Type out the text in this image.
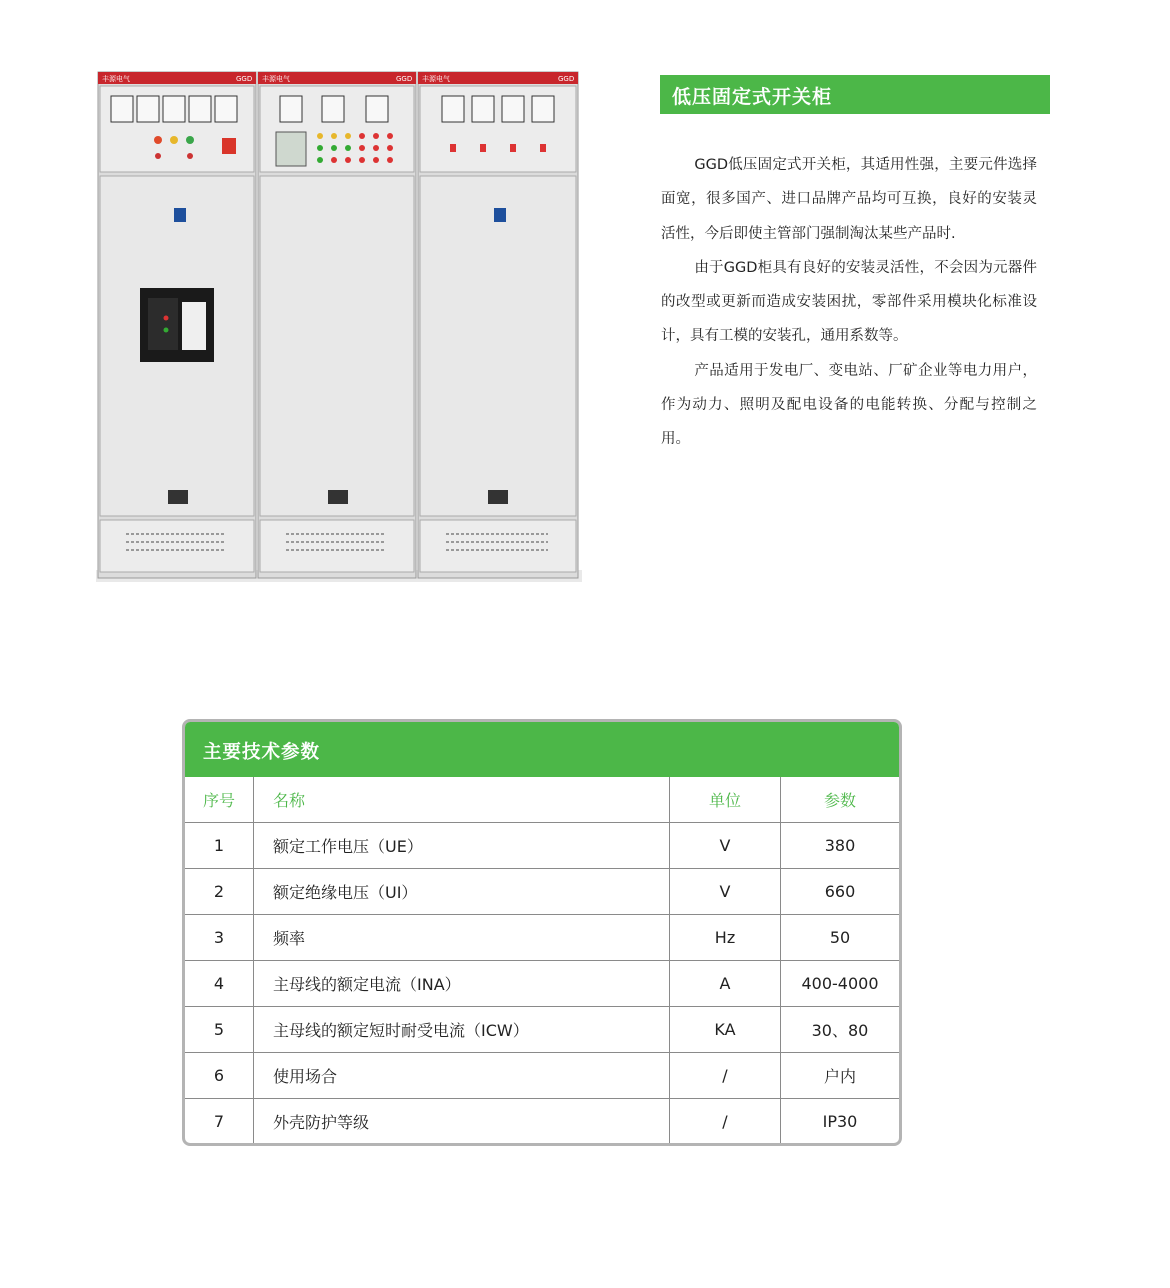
丰源电气	GGD 丰源电气	GGD 丰源电气	GGD
低压固定式开关柜

GGD低压固定式开关柜，其适用性强，主要元件选择面宽，很多国产、进口品牌产品均可互换，良好的安装灵活性，今后即使主管部门强制淘汰某些产品时.

由于GGD柜具有良好的安装灵活性，不会因为元器件的改型或更新而造成安装困扰，零部件采用模块化标准设计，具有工模的安装孔，通用系数等。

产品适用于发电厂、变电站、厂矿企业等电力用户，作为动力、照明及配电设备的电能转换、分配与控制之用。

主要技术参数
序号	名称	单位	参数
1	额定工作电压（UE）	V	380
2	额定绝缘电压（UI）	V	660
3	频率	Hz	50
4	主母线的额定电流（INA）	A	400-4000
5	主母线的额定短时耐受电流（ICW）	KA	30、80
6	使用场合	/	户内
7	外壳防护等级	/	IP30
